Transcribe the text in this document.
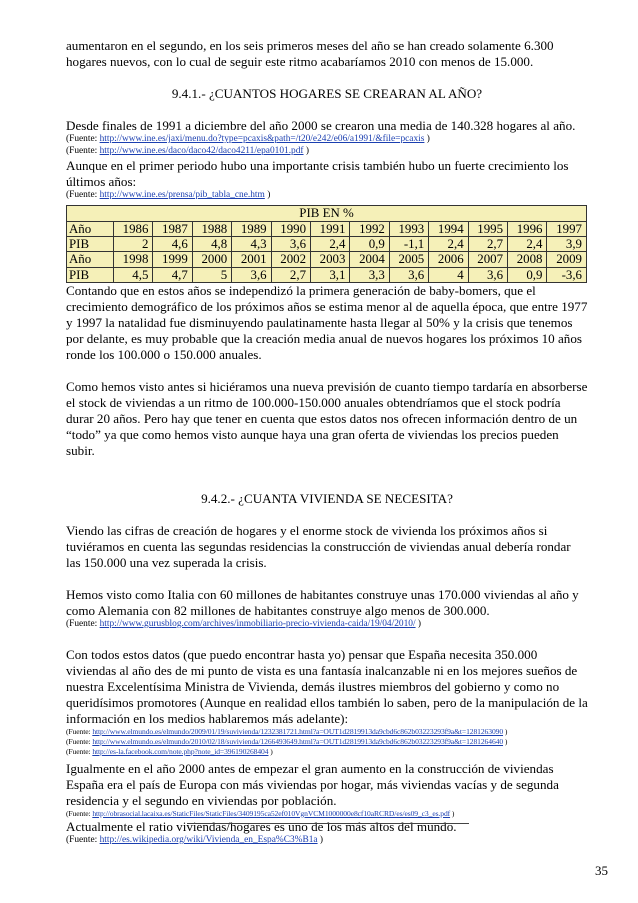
aumentaron en el segundo, en los seis primeros meses del año se han creado solamente 6.300 hogares nuevos, con lo cual de seguir este ritmo acabaríamos 2010 con menos de 15.000.

9.4.1.- ¿CUANTOS HOGARES SE CREARAN AL AÑO?

Desde finales de 1991 a diciembre del año 2000 se crearon una media de 140.328 hogares al año.

(Fuente: http://www.ine.es/jaxi/menu.do?type=pcaxis&path=/t20/e242/e06/a1991/&file=pcaxis )

(Fuente: http://www.ine.es/daco/daco42/daco4211/epa0101.pdf )

Aunque en el primer periodo hubo una importante crisis también hubo un fuerte crecimiento los últimos años:

(Fuente: http://www.ine.es/prensa/pib_tabla_cne.htm )

PIB EN %												
Año	1986	1987	1988	1989	1990	1991	1992	1993	1994	1995	1996	1997
PIB	2	4,6	4,8	4,3	3,6	2,4	0,9	-1,1	2,4	2,7	2,4	3,9
Año	1998	1999	2000	2001	2002	2003	2004	2005	2006	2007	2008	2009
PIB	4,5	4,7	5	3,6	2,7	3,1	3,3	3,6	4	3,6	0,9	-3,6

Contando que en estos años se independizó la primera generación de baby-bomers, que el crecimiento demográfico de los próximos años se estima menor al de aquella época, que entre 1977 y 1997 la natalidad fue disminuyendo paulatinamente hasta llegar al 50% y la crisis que tenemos por delante, es muy probable que la creación media anual de nuevos hogares los próximos 10 años ronde los 100.000 o 150.000 anuales.

Como hemos visto antes si hiciéramos una nueva previsión de cuanto tiempo tardaría en absorberse el stock de viviendas a un ritmo de 100.000-150.000 anuales obtendríamos que el stock podría durar 20 años. Pero hay que tener en cuenta que estos datos nos ofrecen información dentro de un “todo” ya que como hemos visto aunque haya una gran oferta de viviendas los precios pueden subir.

9.4.2.- ¿CUANTA VIVIENDA SE NECESITA?

Viendo las cifras de creación de hogares y el enorme stock de vivienda los próximos años si tuviéramos en cuenta las segundas residencias la construcción de viviendas anual debería rondar las 150.000 una vez superada la crisis.

Hemos visto como Italia con 60 millones de habitantes construye unas 170.000 viviendas al año y como Alemania con 82 millones de habitantes construye algo menos de 300.000.

(Fuente: http://www.gurusblog.com/archives/inmobiliario-precio-vivienda-caida/19/04/2010/ )

Con todos estos datos (que puedo encontrar hasta yo) pensar que España necesita 350.000 viviendas al año des de mi punto de vista es una fantasía inalcanzable ni en los mejores sueños de nuestra Excelentísima Ministra de Vivienda, demás ilustres miembros del gobierno y como no queridísimos promotores (Aunque en realidad ellos también lo saben, pero de la manipulación de la información en los medios hablaremos más adelante):

(Fuente: http://www.elmundo.es/elmundo/2009/01/19/suvivienda/1232381721.html?a=OUT1d2819913da9cbd6c862b03223293f9a&t=1281263090 )

(Fuente: http://www.elmundo.es/elmundo/2010/02/18/suvivienda/1266493649.html?a=OUT1d2819913da9cbd6c862b03223293f9a&t=1281264640 )

(Fuente: http://es-la.facebook.com/note.php?note_id=396190268404 )

Igualmente en el año 2000 antes de empezar el gran aumento en la construcción de viviendas España era el país de Europa con más viviendas por hogar, más viviendas vacías y de segunda residencia y el segundo en viviendas por población.

(Fuente: http://obrasocial.lacaixa.es/StaticFiles/StaticFiles/3409195ca52ef010VgnVCM1000000e8cf10aRCRD/es/es09_c3_es.pdf )

Actualmente el ratio viviendas/hogares es uno de los más altos del mundo.

(Fuente: http://es.wikipedia.org/wiki/Vivienda_en_Espa%C3%B1a )

35
